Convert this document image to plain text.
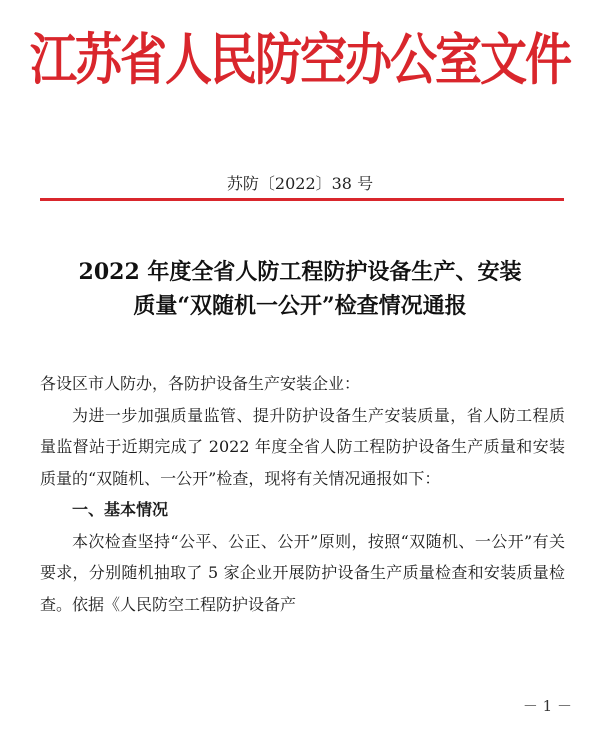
江苏省人民防空办公室文件
苏防〔2022〕38 号
2022 年度全省人防工程防护设备生产、安装
质量“双随机一公开”检查情况通报

各设区市人防办，各防护设备生产安装企业：

为进一步加强质量监管、提升防护设备生产安装质量，省人防工程质量监督站于近期完成了 2022 年度全省人防工程防护设备生产质量和安装质量的“双随机、一公开”检查，现将有关情况通报如下：

一、基本情况

本次检查坚持“公平、公正、公开”原则，按照“双随机、一公开”有关要求，分别随机抽取了 5 家企业开展防护设备生产质量检查和安装质量检查。依据《人民防空工程防护设备产

－ 1 －
